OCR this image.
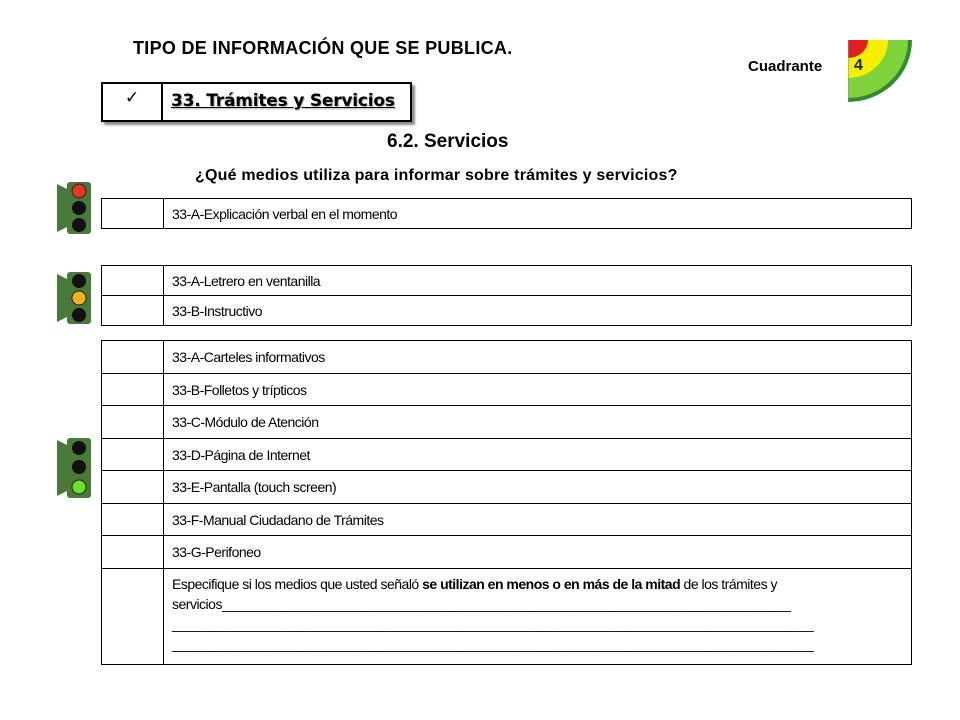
TIPO DE INFORMACIÓN QUE SE PUBLICA.
Cuadrante 4
✓	33. Trámites y Servicios
6.2. Servicios
¿Qué medios utiliza para informar sobre trámites y servicios?
	33-A-Explicación verbal en el momento
	33-A-Letrero en ventanilla
	33-B-Instructivo
	33-A-Carteles informativos
	33-B-Folletos y trípticos
	33-C-Módulo de Atención
	33-D-Página de Internet
	33-E-Pantalla (touch screen)
	33-F-Manual Ciudadano de Trámites
	33-G-Perifoneo
	Especifique si los medios que usted señaló se utilizan en menos o en más de la mitad de los trámites y servicios______________________________________________________________________________
________________________________________________________________________________________
________________________________________________________________________________________
